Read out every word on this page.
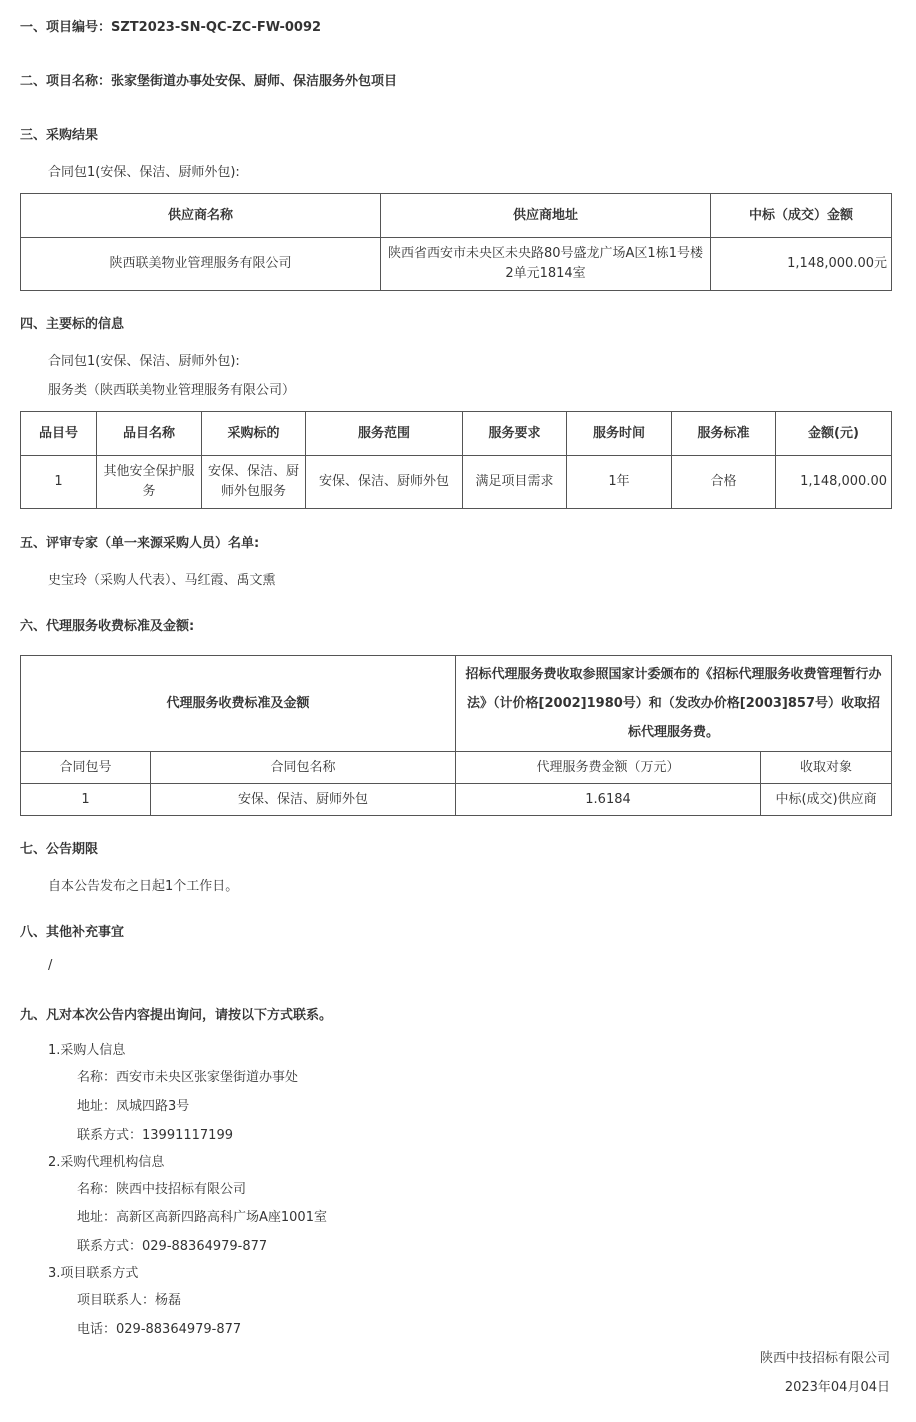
一、项目编号：SZT2023-SN-QC-ZC-FW-0092
二、项目名称：张家堡街道办事处安保、厨师、保洁服务外包项目
三、采购结果
合同包1(安保、保洁、厨师外包):
供应商名称	供应商地址	中标（成交）金额
陕西联美物业管理服务有限公司	陕西省西安市未央区未央路80号盛龙广场A区1栋1号楼2单元1814室	1,148,000.00元
四、主要标的信息
合同包1(安保、保洁、厨师外包):
服务类（陕西联美物业管理服务有限公司）
品目号	品目名称	采购标的	服务范围	服务要求	服务时间	服务标准	金额(元)
1	其他安全保护服务	安保、保洁、厨师外包服务	安保、保洁、厨师外包	满足项目需求	1年	合格	1,148,000.00
五、评审专家（单一来源采购人员）名单:
史宝玲（采购人代表）、马红霞、禹文熏
六、代理服务收费标准及金额:
代理服务收费标准及金额		招标代理服务费收取参照国家计委颁布的《招标代理服务收费管理暂行办法》（计价格[2002]1980号）和（发改办价格[2003]857号）收取招标代理服务费。	
合同包号	合同包名称	代理服务费金额（万元）	收取对象
1	安保、保洁、厨师外包	1.6184	中标(成交)供应商
七、公告期限
自本公告发布之日起1个工作日。
八、其他补充事宜
/
九、凡对本次公告内容提出询问，请按以下方式联系。
1.采购人信息
名称：西安市未央区张家堡街道办事处
地址：凤城四路3号
联系方式：13991117199
2.采购代理机构信息
名称：陕西中技招标有限公司
地址：高新区高新四路高科广场A座1001室
联系方式：029-88364979-877
3.项目联系方式
项目联系人：杨磊
电话：029-88364979-877
陕西中技招标有限公司
2023年04月04日
